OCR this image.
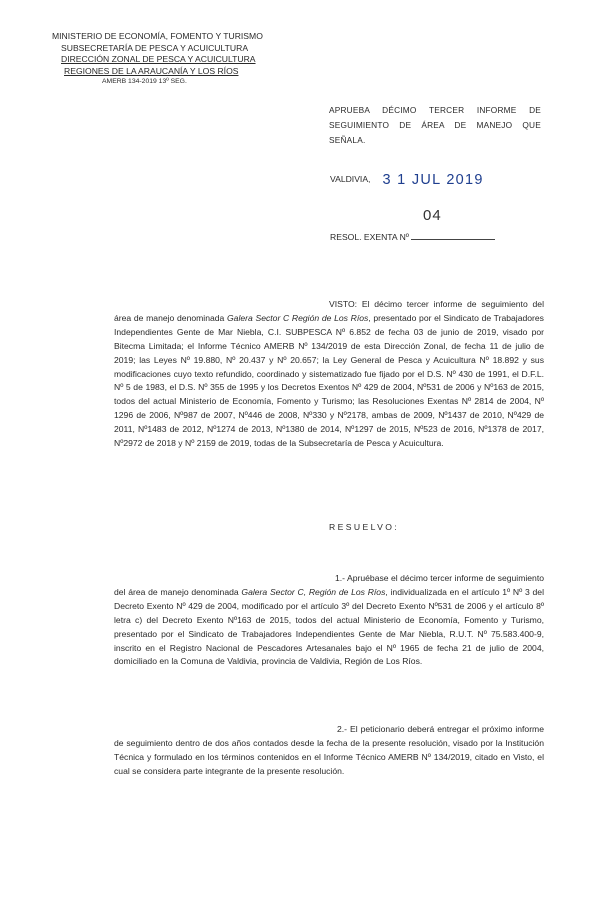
MINISTERIO DE ECONOMÍA, FOMENTO Y TURISMO
SUBSECRETARÍA DE PESCA Y ACUICULTURA
DIRECCIÓN ZONAL DE PESCA Y ACUICULTURA
REGIONES DE LA ARAUCANÍA Y LOS RÍOS
AMERB 134-2019 13º SEG.
APRUEBA DÉCIMO TERCER INFORME DE SEGUIMIENTO DE ÁREA DE MANEJO QUE SEÑALA.
VALDIVIA, 3 1 JUL 2019
04
RESOL. EXENTA Nº
VISTO: El décimo tercer informe de seguimiento del área de manejo denominada Galera Sector C Región de Los Ríos, presentado por el Sindicato de Trabajadores Independientes Gente de Mar Niebla, C.I. SUBPESCA Nº 6.852 de fecha 03 de junio de 2019, visado por Bitecma Limitada; el Informe Técnico AMERB Nº 134/2019 de esta Dirección Zonal, de fecha 11 de julio de 2019; las Leyes Nº 19.880, Nº 20.437 y Nº 20.657; la Ley General de Pesca y Acuicultura Nº 18.892 y sus modificaciones cuyo texto refundido, coordinado y sistematizado fue fijado por el D.S. Nº 430 de 1991, el D.F.L. Nº 5 de 1983, el D.S. Nº 355 de 1995 y los Decretos Exentos Nº 429 de 2004, Nº531 de 2006 y Nº163 de 2015, todos del actual Ministerio de Economía, Fomento y Turismo; las Resoluciones Exentas Nº 2814 de 2004, Nº 1296 de 2006, Nº987 de 2007, Nº446 de 2008, Nº330 y Nº2178, ambas de 2009, Nº1437 de 2010, Nº429 de 2011, Nº1483 de 2012, Nº1274 de 2013, Nº1380 de 2014, Nº1297 de 2015, Nº523 de 2016, Nº1378 de 2017, Nº2972 de 2018 y Nº 2159 de 2019, todas de la Subsecretaría de Pesca y Acuicultura.
RESUELVO:
1.- Apruébase el décimo tercer informe de seguimiento del área de manejo denominada Galera Sector C, Región de Los Ríos, individualizada en el artículo 1º Nº 3 del Decreto Exento Nº 429 de 2004, modificado por el artículo 3º del Decreto Exento Nº531 de 2006 y el artículo 8º letra c) del Decreto Exento Nº163 de 2015, todos del actual Ministerio de Economía, Fomento y Turismo, presentado por el Sindicato de Trabajadores Independientes Gente de Mar Niebla, R.U.T. Nº 75.583.400-9, inscrito en el Registro Nacional de Pescadores Artesanales bajo el Nº 1965 de fecha 21 de julio de 2004, domiciliado en la Comuna de Valdivia, provincia de Valdivia, Región de Los Ríos.
2.- El peticionario deberá entregar el próximo informe de seguimiento dentro de dos años contados desde la fecha de la presente resolución, visado por la Institución Técnica y formulado en los términos contenidos en el Informe Técnico AMERB Nº 134/2019, citado en Visto, el cual se considera parte integrante de la presente resolución.
